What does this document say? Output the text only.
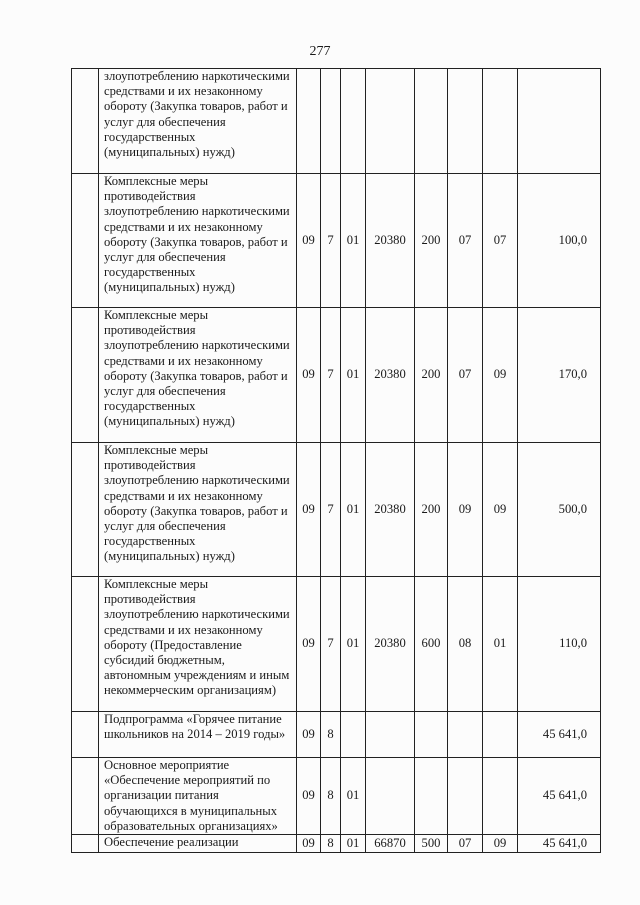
277
	злоупотреблению наркотическими средствами и их незаконному обороту (Закупка товаров, работ и услуг для обеспечения государственных (муниципальных) нужд)								
	Комплексные меры противодействия злоупотреблению наркотическими средствами и их незаконному обороту (Закупка товаров, работ и услуг для обеспечения государственных (муниципальных) нужд)	09	7	01	20380	200	07	07	100,0
	Комплексные меры противодействия злоупотреблению наркотическими средствами и их незаконному обороту (Закупка товаров, работ и услуг для обеспечения государственных (муниципальных) нужд)	09	7	01	20380	200	07	09	170,0
	Комплексные меры противодействия злоупотреблению наркотическими средствами и их незаконному обороту (Закупка товаров, работ и услуг для обеспечения государственных (муниципальных) нужд)	09	7	01	20380	200	09	09	500,0
	Комплексные меры противодействия злоупотреблению наркотическими средствами и их незаконному обороту (Предоставление субсидий бюджетным, автономным учреждениям и иным некоммерческим организациям)	09	7	01	20380	600	08	01	110,0
	Подпрограмма «Горячее питание школьников на 2014 – 2019 годы»	09	8						45 641,0
	Основное мероприятие «Обеспечение мероприятий по организации питания обучающихся в муниципальных образовательных организациях»	09	8	01					45 641,0
	Обеспечение реализации	09	8	01	66870	500	07	09	45 641,0
